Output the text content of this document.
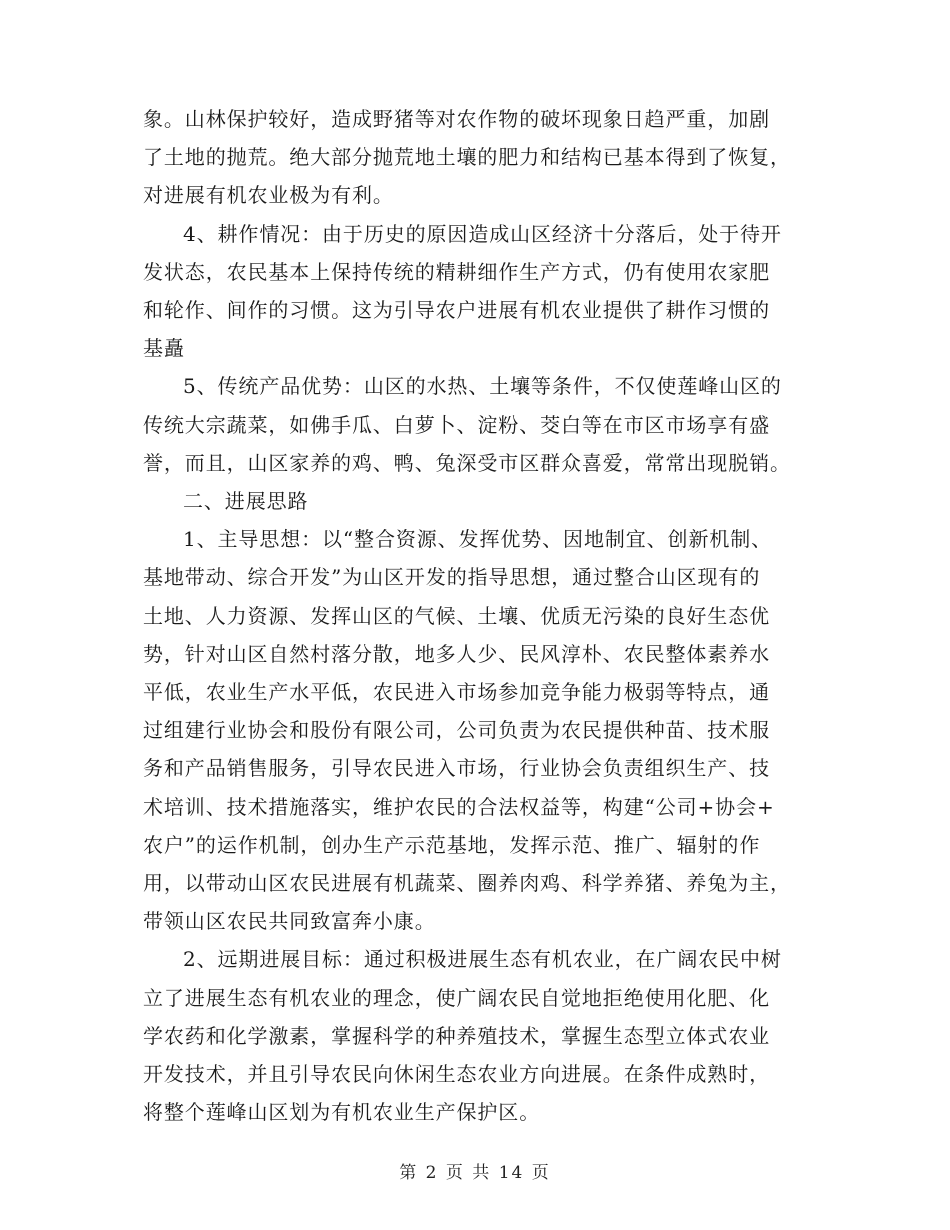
象。山林保护较好，造成野猪等对农作物的破坏现象日趋严重，加剧
了土地的抛荒。绝大部分抛荒地土壤的肥力和结构已基本得到了恢复，
对进展有机农业极为有利。
4、耕作情况：由于历史的原因造成山区经济十分落后，处于待开
发状态，农民基本上保持传统的精耕细作生产方式，仍有使用农家肥
和轮作、间作的习惯。这为引导农户进展有机农业提供了耕作习惯的
基矗
5、传统产品优势：山区的水热、土壤等条件，不仅使莲峰山区的
传统大宗蔬菜，如佛手瓜、白萝卜、淀粉、茭白等在市区市场享有盛
誉，而且，山区家养的鸡、鸭、兔深受市区群众喜爱，常常出现脱销。
二、进展思路
1、主导思想：以“整合资源、发挥优势、因地制宜、创新机制、
基地带动、综合开发”为山区开发的指导思想，通过整合山区现有的
土地、人力资源、发挥山区的气候、土壤、优质无污染的良好生态优
势，针对山区自然村落分散，地多人少、民风淳朴、农民整体素养水
平低，农业生产水平低，农民进入市场参加竞争能力极弱等特点，通
过组建行业协会和股份有限公司，公司负责为农民提供种苗、技术服
务和产品销售服务，引导农民进入市场，行业协会负责组织生产、技
术培训、技术措施落实，维护农民的合法权益等，构建“公司+协会+
农户”的运作机制，创办生产示范基地，发挥示范、推广、辐射的作
用，以带动山区农民进展有机蔬菜、圈养肉鸡、科学养猪、养兔为主，
带领山区农民共同致富奔小康。
2、远期进展目标：通过积极进展生态有机农业，在广阔农民中树
立了进展生态有机农业的理念，使广阔农民自觉地拒绝使用化肥、化
学农药和化学激素，掌握科学的种养殖技术，掌握生态型立体式农业
开发技术，并且引导农民向休闲生态农业方向进展。在条件成熟时，
将整个莲峰山区划为有机农业生产保护区。
第 2 页 共 14 页
